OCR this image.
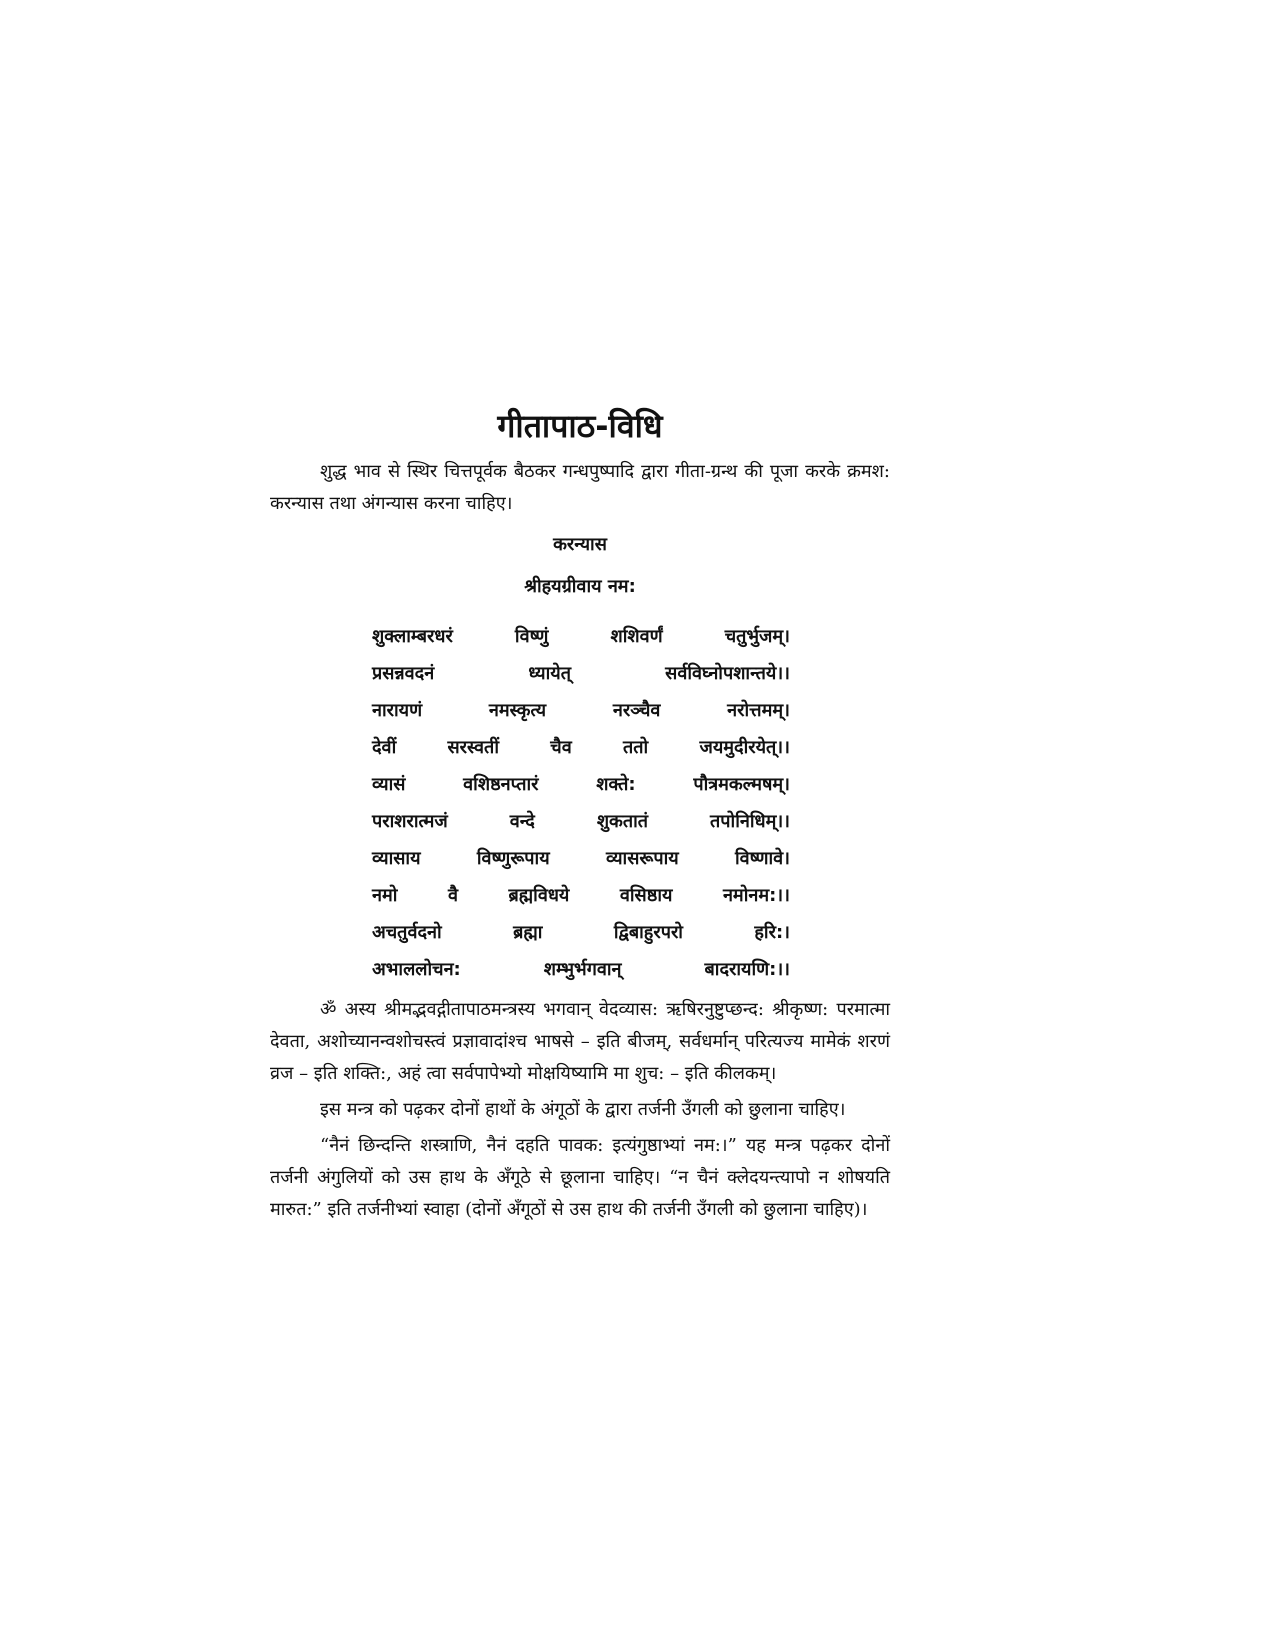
गीतापाठ-विधि

शुद्ध भाव से स्थिर चित्तपूर्वक बैठकर गन्धपुष्पादि द्वारा गीता-ग्रन्थ की पूजा करके क्रमश: करन्यास तथा अंगन्यास करना चाहिए।

करन्यास
श्रीहयग्रीवाय नम:
शुक्लाम्बरधरं	विष्णुं	शशिवर्णं	चतुर्भुजम्।
प्रसन्नवदनं	ध्यायेत्	सर्वविघ्नोपशान्तये।।
नारायणं	नमस्कृत्य	नरञ्चैव	नरोत्तमम्।
देवीं	सरस्वतीं	चैव	ततो	जयमुदीरयेत्।।
व्यासं	वशिष्ठनप्तारं	शक्ते:	पौत्रमकल्मषम्।
पराशरात्मजं	वन्दे	शुकतातं	तपोनिधिम्।।
व्यासाय	विष्णुरूपाय	व्यासरूपाय	विष्णावे।
नमो	वै	ब्रह्मविधये	वसिष्ठाय	नमोनम:।।
अचतुर्वदनो	ब्रह्मा	द्विबाहुरपरो	हरि:।
अभाललोचन:	शम्भुर्भगवान्	बादरायणि:।।

ॐ अस्य श्रीमद्भवद्गीतापाठमन्त्रस्य भगवान् वेदव्यास: ऋषिरनुष्टुप्छन्द: श्रीकृष्ण: परमात्मा देवता, अशोच्यानन्वशोचस्त्वं प्रज्ञावादांश्च भाषसे – इति बीजम्, सर्वधर्मान् परित्यज्य मामेकं शरणं व्रज – इति शक्ति:, अहं त्वा सर्वपापेभ्यो मोक्षयिष्यामि मा शुच: – इति कीलकम्।

इस मन्त्र को पढ़कर दोनों हाथों के अंगूठों के द्वारा तर्जनी उँगली को छुलाना चाहिए।

“नैनं छिन्दन्ति शस्त्राणि, नैनं दहति पावक: इत्यंगुष्ठाभ्यां नम:।” यह मन्त्र पढ़कर दोनों तर्जनी अंगुलियों को उस हाथ के अँगूठे से छूलाना चाहिए। “न चैनं क्लेदयन्त्यापो न शोषयति मारुत:” इति तर्जनीभ्यां स्वाहा (दोनों अँगूठों से उस हाथ की तर्जनी उँगली को छुलाना चाहिए)।
